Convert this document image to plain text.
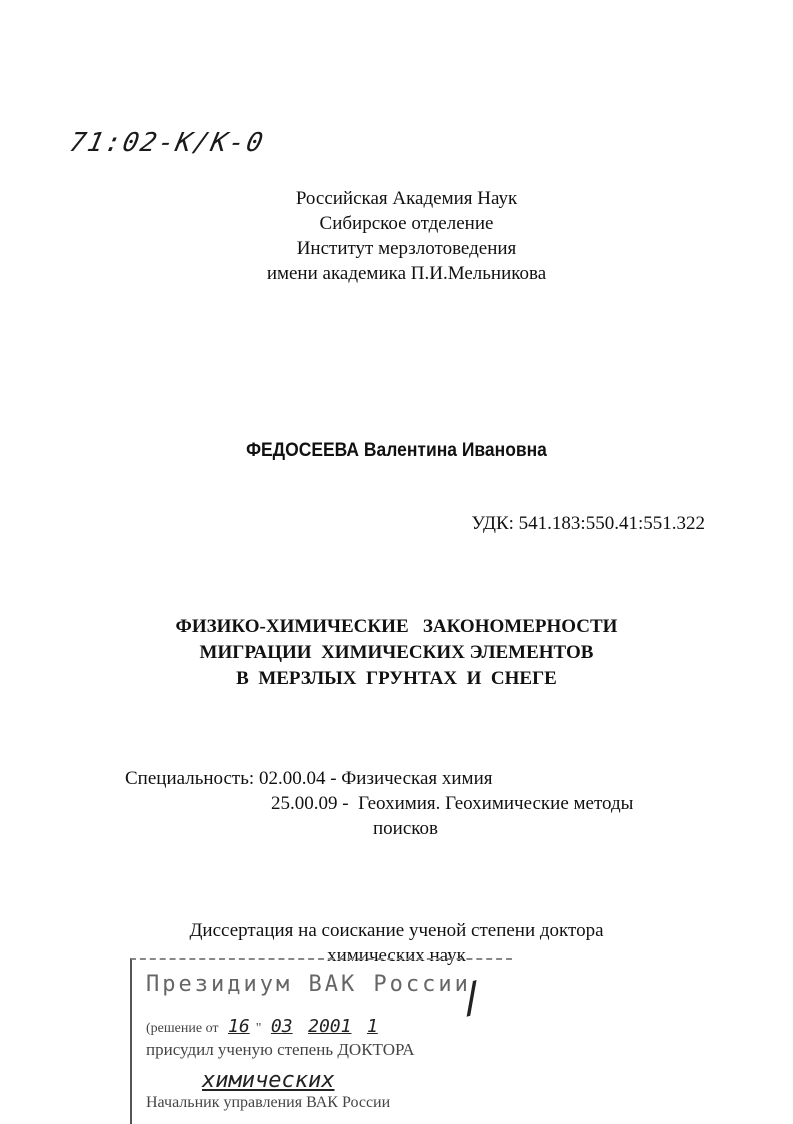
71:02-К/К-0
Российская Академия Наук
Сибирское отделение
Институт мерзлотоведения
имени академика П.И.Мельникова
ФЕДОСЕЕВА Валентина Ивановна
УДК: 541.183:550.41:551.322
ФИЗИКО-ХИМИЧЕСКИЕ   ЗАКОНОМЕРНОСТИ
МИГРАЦИИ  ХИМИЧЕСКИХ ЭЛЕМЕНТОВ
В  МЕРЗЛЫХ  ГРУНТАХ  И  СНЕГЕ
Специальность: 02.00.04 - Физическая химия
25.00.09 -  Геохимия. Геохимические методы
поисков
Диссертация на соискание ученой степени доктора
химических наук
Президиум ВАК России
(решение от 16 " 03 2001 1
присудил ученую степень ДОКТОРА
химических
Начальник управления ВАК России
/
